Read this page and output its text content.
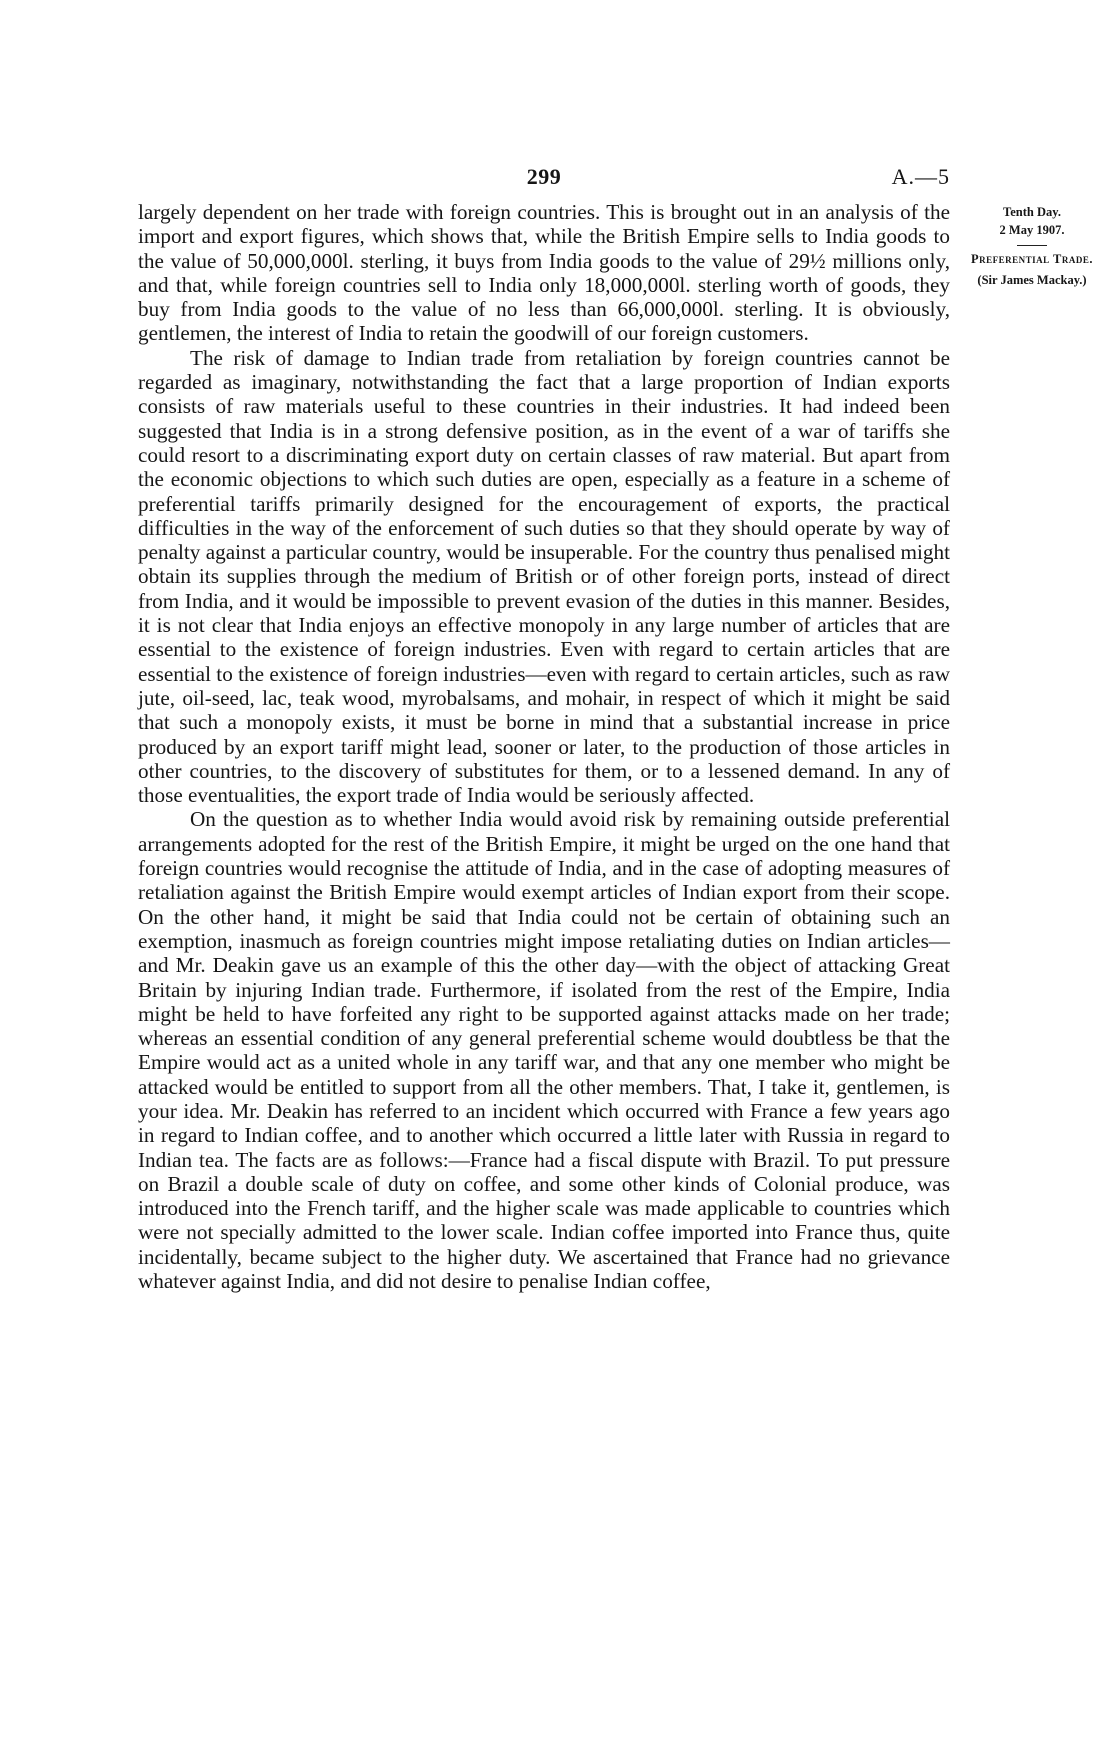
299	A.—5
Tenth Day.
2 May 1907.
Preferential Trade.
(Sir James Mackay.)

largely dependent on her trade with foreign countries. This is brought out in an analysis of the import and export figures, which shows that, while the British Empire sells to India goods to the value of 50,000,000l. sterling, it buys from India goods to the value of 29½ millions only, and that, while foreign countries sell to India only 18,000,000l. sterling worth of goods, they buy from India goods to the value of no less than 66,000,000l. sterling. It is obviously, gentlemen, the interest of India to retain the goodwill of our foreign customers.

The risk of damage to Indian trade from retaliation by foreign countries cannot be regarded as imaginary, notwithstanding the fact that a large proportion of Indian exports consists of raw materials useful to these countries in their industries. It had indeed been suggested that India is in a strong defensive position, as in the event of a war of tariffs she could resort to a discriminating export duty on certain classes of raw material. But apart from the economic objections to which such duties are open, especially as a feature in a scheme of preferential tariffs primarily designed for the encouragement of exports, the practical difficulties in the way of the enforcement of such duties so that they should operate by way of penalty against a particular country, would be insuperable. For the country thus penalised might obtain its supplies through the medium of British or of other foreign ports, instead of direct from India, and it would be impossible to prevent evasion of the duties in this manner. Besides, it is not clear that India enjoys an effective monopoly in any large number of articles that are essential to the existence of foreign industries. Even with regard to certain articles that are essential to the existence of foreign industries—even with regard to certain articles, such as raw jute, oil-seed, lac, teak wood, myrobalsams, and mohair, in respect of which it might be said that such a monopoly exists, it must be borne in mind that a substantial increase in price produced by an export tariff might lead, sooner or later, to the production of those articles in other countries, to the discovery of substitutes for them, or to a lessened demand. In any of those eventualities, the export trade of India would be seriously affected.

On the question as to whether India would avoid risk by remaining outside preferential arrangements adopted for the rest of the British Empire, it might be urged on the one hand that foreign countries would recognise the attitude of India, and in the case of adopting measures of retaliation against the British Empire would exempt articles of Indian export from their scope. On the other hand, it might be said that India could not be certain of obtaining such an exemption, inasmuch as foreign countries might impose retaliating duties on Indian articles—and Mr. Deakin gave us an example of this the other day—with the object of attacking Great Britain by injuring Indian trade. Furthermore, if isolated from the rest of the Empire, India might be held to have forfeited any right to be supported against attacks made on her trade; whereas an essential condition of any general preferential scheme would doubtless be that the Empire would act as a united whole in any tariff war, and that any one member who might be attacked would be entitled to support from all the other members. That, I take it, gentlemen, is your idea. Mr. Deakin has referred to an incident which occurred with France a few years ago in regard to Indian coffee, and to another which occurred a little later with Russia in regard to Indian tea. The facts are as follows:—France had a fiscal dispute with Brazil. To put pressure on Brazil a double scale of duty on coffee, and some other kinds of Colonial produce, was introduced into the French tariff, and the higher scale was made applicable to countries which were not specially admitted to the lower scale. Indian coffee imported into France thus, quite incidentally, became subject to the higher duty. We ascertained that France had no grievance whatever against India, and did not desire to penalise Indian coffee,
